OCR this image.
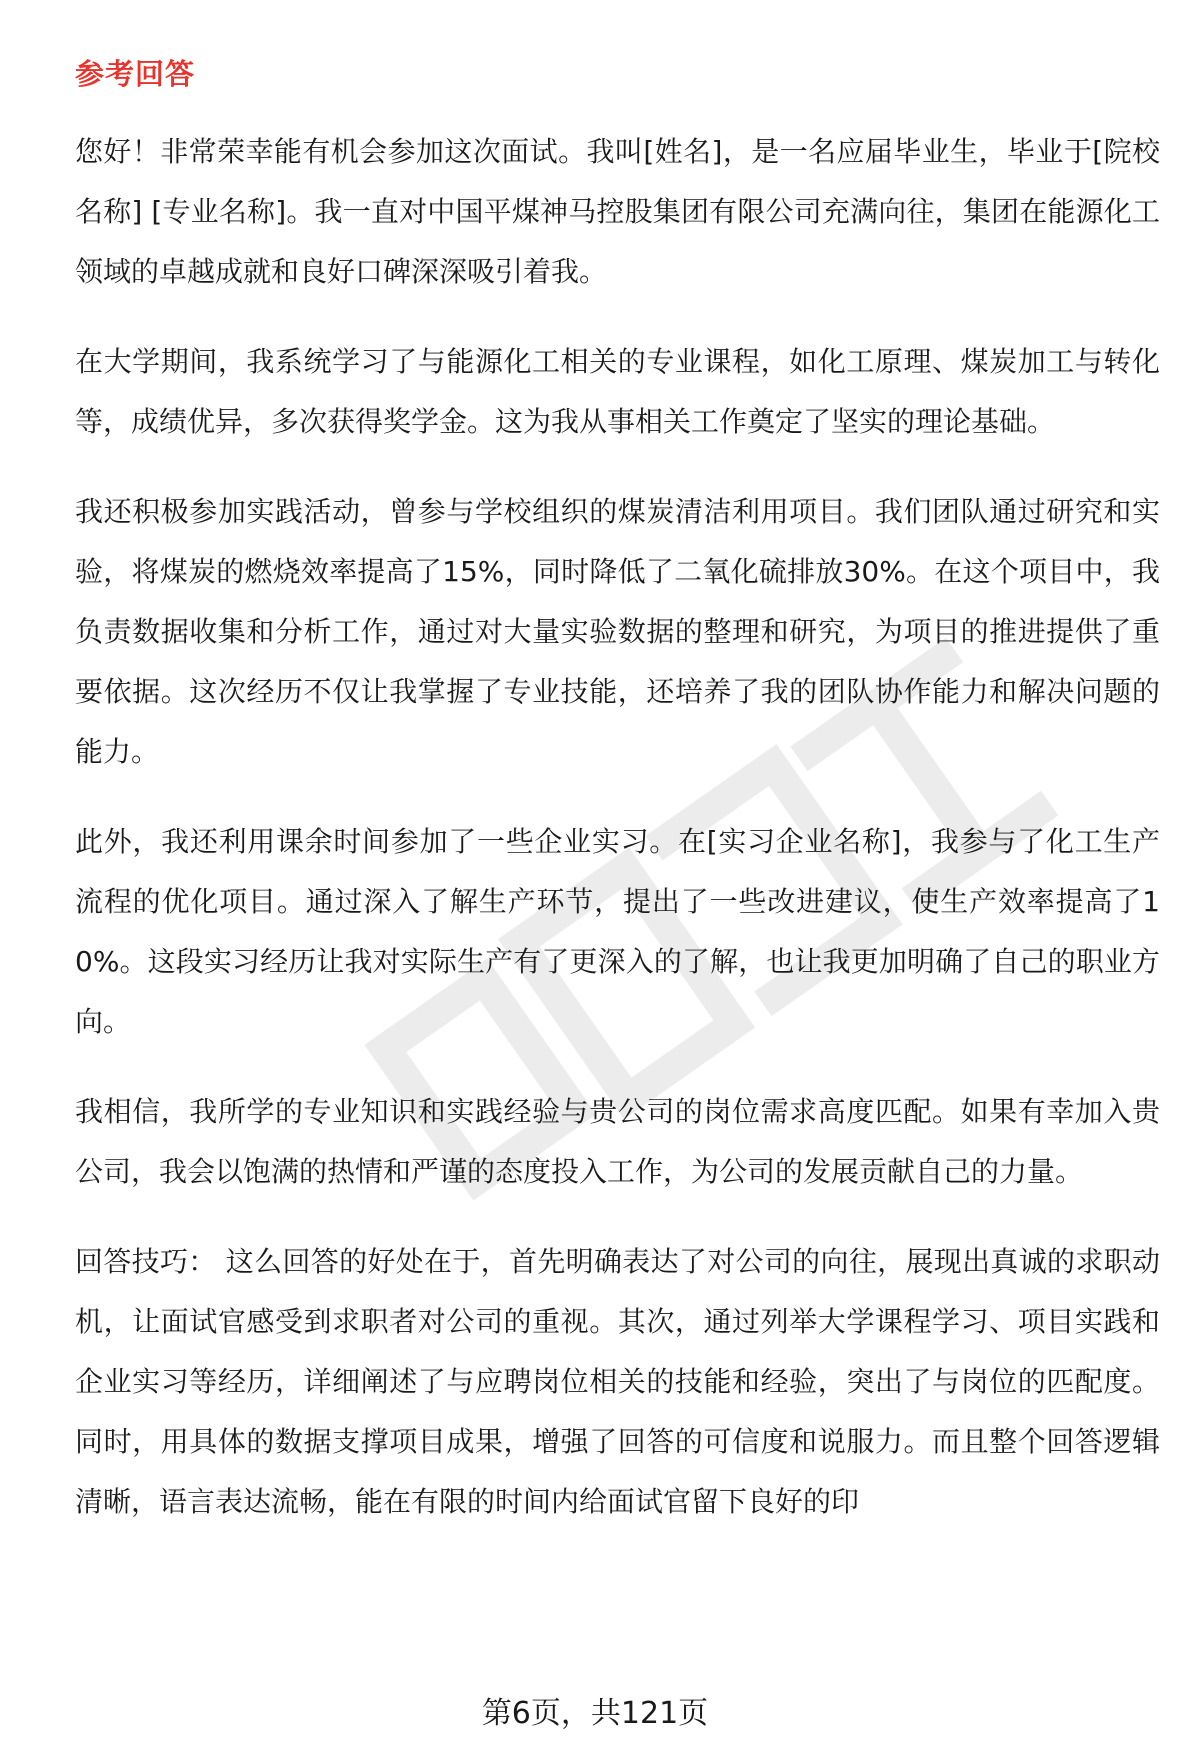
参考回答

您好！非常荣幸能有机会参加这次面试。我叫[姓名]，是一名应届毕业生，毕业于[院校名称] [专业名称]。我一直对中国平煤神马控股集团有限公司充满向往，集团在能源化工领域的卓越成就和良好口碑深深吸引着我。

在大学期间，我系统学习了与能源化工相关的专业课程，如化工原理、煤炭加工与转化等，成绩优异，多次获得奖学金。这为我从事相关工作奠定了坚实的理论基础。

我还积极参加实践活动，曾参与学校组织的煤炭清洁利用项目。我们团队通过研究和实验，将煤炭的燃烧效率提高了15%，同时降低了二氧化硫排放30%。在这个项目中，我负责数据收集和分析工作，通过对大量实验数据的整理和研究，为项目的推进提供了重要依据。这次经历不仅让我掌握了专业技能，还培养了我的团队协作能力和解决问题的能力。

此外，我还利用课余时间参加了一些企业实习。在[实习企业名称]，我参与了化工生产流程的优化项目。通过深入了解生产环节，提出了一些改进建议，使生产效率提高了10%。这段实习经历让我对实际生产有了更深入的了解，也让我更加明确了自己的职业方向。

我相信，我所学的专业知识和实践经验与贵公司的岗位需求高度匹配。如果有幸加入贵公司，我会以饱满的热情和严谨的态度投入工作，为公司的发展贡献自己的力量。

回答技巧： 这么回答的好处在于，首先明确表达了对公司的向往，展现出真诚的求职动机，让面试官感受到求职者对公司的重视。其次，通过列举大学课程学习、项目实践和企业实习等经历，详细阐述了与应聘岗位相关的技能和经验，突出了与岗位的匹配度。同时，用具体的数据支撑项目成果，增强了回答的可信度和说服力。而且整个回答逻辑清晰，语言表达流畅，能在有限的时间内给面试官留下良好的印

第6页，共121页
